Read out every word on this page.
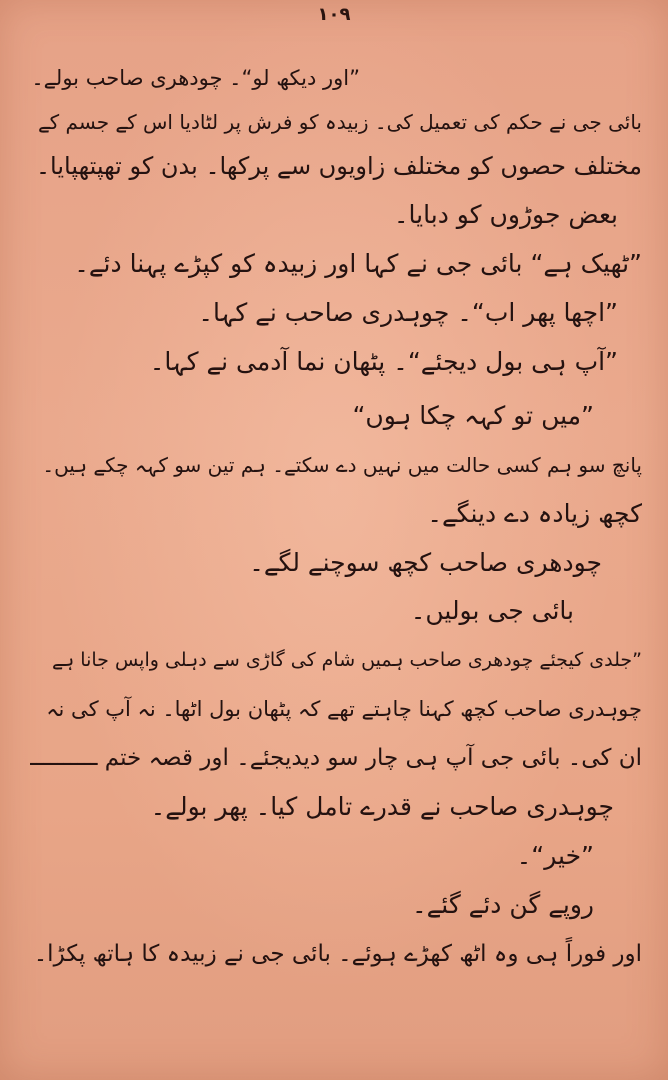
۱۰۹
”اور دیکھ لو“۔ چودھری صاحب بولے۔
بائی جی نے حکم کی تعمیل کی۔ زبیدہ کو فرش پر لٹادیا اس کے جسم کے
مختلف حصوں کو مختلف زاویوں سے پرکھا۔ بدن کو تھپتھپایا۔
بعض جوڑوں کو دبایا۔
”ٹھیک ہے“ بائی جی نے کہا اور زبیدہ کو کپڑے پہنا دئے۔
”اچھا پھر اب“۔ چوہدری صاحب نے کہا۔
”آپ ہی بول دیجئے“۔ پٹھان نما آدمی نے کہا۔
”میں تو کہہ چکا ہوں“
پانچ سو ہم کسی حالت میں نہیں دے سکتے۔ ہم تین سو کہہ چکے ہیں۔
کچھ زیادہ دے دینگے۔
چودھری صاحب کچھ سوچنے لگے۔
بائی جی بولیں۔
”جلدی کیجئے چودھری صاحب ہمیں شام کی گاڑی سے دہلی واپس جانا ہے
چوہدری صاحب کچھ کہنا چاہتے تھے کہ پٹھان بول اٹھا۔ نہ آپ کی نہ
ان کی۔ بائی جی آپ ہی چار سو دیدیجئے۔ اور قصہ ختم ــــــــــ
چوہدری صاحب نے قدرے تامل کیا۔ پھر بولے۔
”خیر“۔
روپے گن دئے گئے۔
اور فوراً ہی وہ اٹھ کھڑے ہوئے۔ بائی جی نے زبیدہ کا ہاتھ پکڑا۔
